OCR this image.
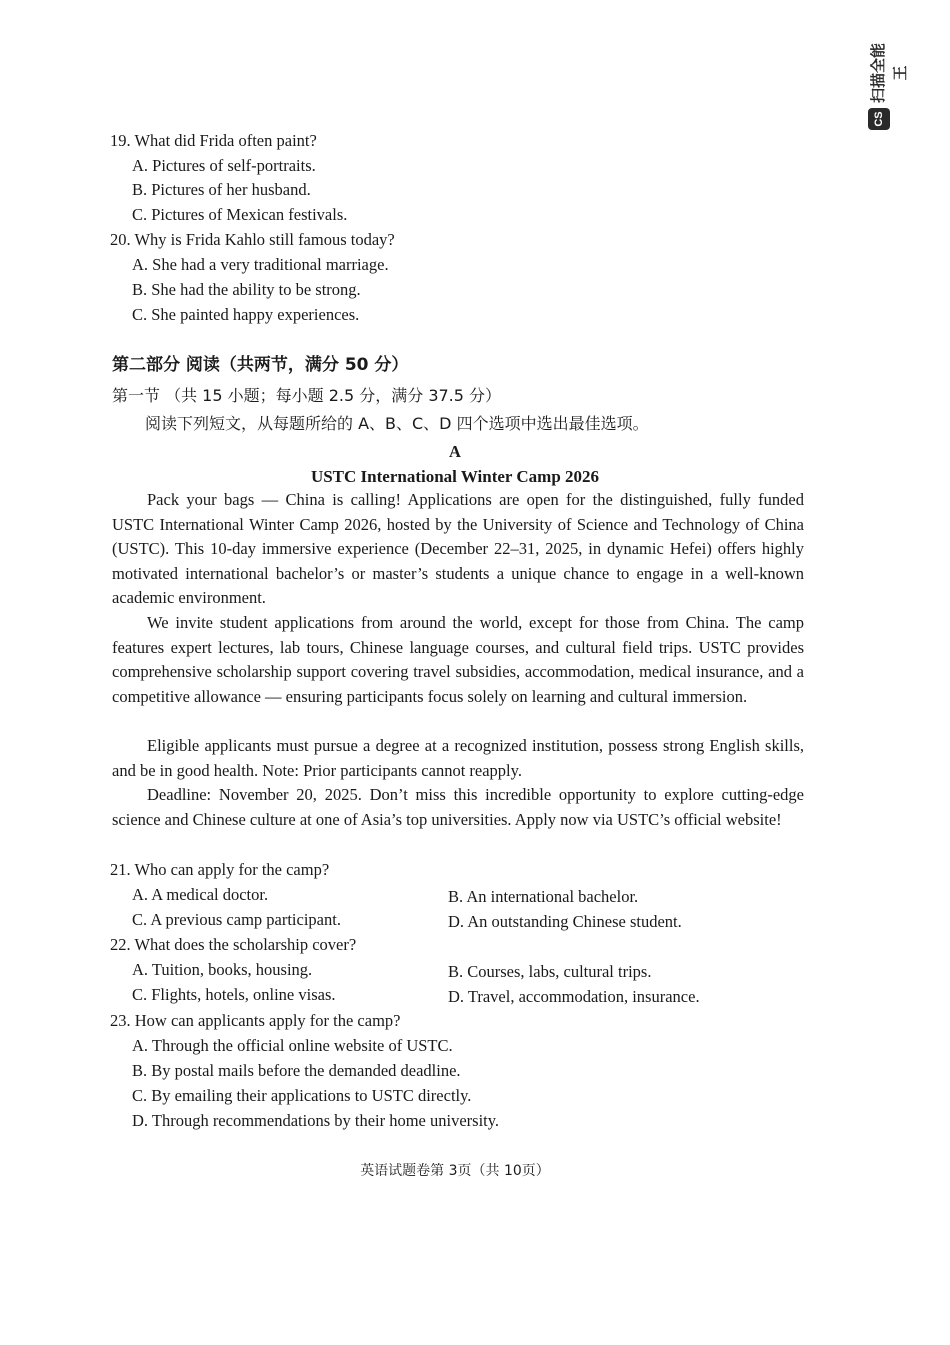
扫描全能王
CS
19. What did Frida often paint?
A. Pictures of self-portraits.
B. Pictures of her husband.
C. Pictures of Mexican festivals.
20. Why is Frida Kahlo still famous today?
A. She had a very traditional marriage.
B. She had the ability to be strong.
C. She painted happy experiences.
第二部分 阅读（共两节，满分 50 分）
第一节 （共 15 小题；每小题 2.5 分，满分 37.5 分）
阅读下列短文，从每题所给的 A、B、C、D 四个选项中选出最佳选项。
A
USTC International Winter Camp 2026
Pack your bags — China is calling! Applications are open for the distinguished, fully funded USTC International Winter Camp 2026, hosted by the University of Science and Technology of China (USTC). This 10-day immersive experience (December 22–31, 2025, in dynamic Hefei) offers highly motivated international bachelor’s or master’s students a unique chance to engage in a well-known academic environment.
We invite student applications from around the world, except for those from China. The camp features expert lectures, lab tours, Chinese language courses, and cultural field trips. USTC provides comprehensive scholarship support covering travel subsidies, accommodation, medical insurance, and a competitive allowance — ensuring participants focus solely on learning and cultural immersion.
Eligible applicants must pursue a degree at a recognized institution, possess strong English skills, and be in good health. Note: Prior participants cannot reapply.
Deadline: November 20, 2025. Don’t miss this incredible opportunity to explore cutting-edge science and Chinese culture at one of Asia’s top universities. Apply now via USTC’s official website!
21. Who can apply for the camp?
A. A medical doctor.	B. An international bachelor.
C. A previous camp participant.	D. An outstanding Chinese student.
22. What does the scholarship cover?
A. Tuition, books, housing.	B. Courses, labs, cultural trips.
C. Flights, hotels, online visas.	D. Travel, accommodation, insurance.
23. How can applicants apply for the camp?
A. Through the official online website of USTC.
B. By postal mails before the demanded deadline.
C. By emailing their applications to USTC directly.
D. Through recommendations by their home university.
英语试题卷第 3页（共 10页）
